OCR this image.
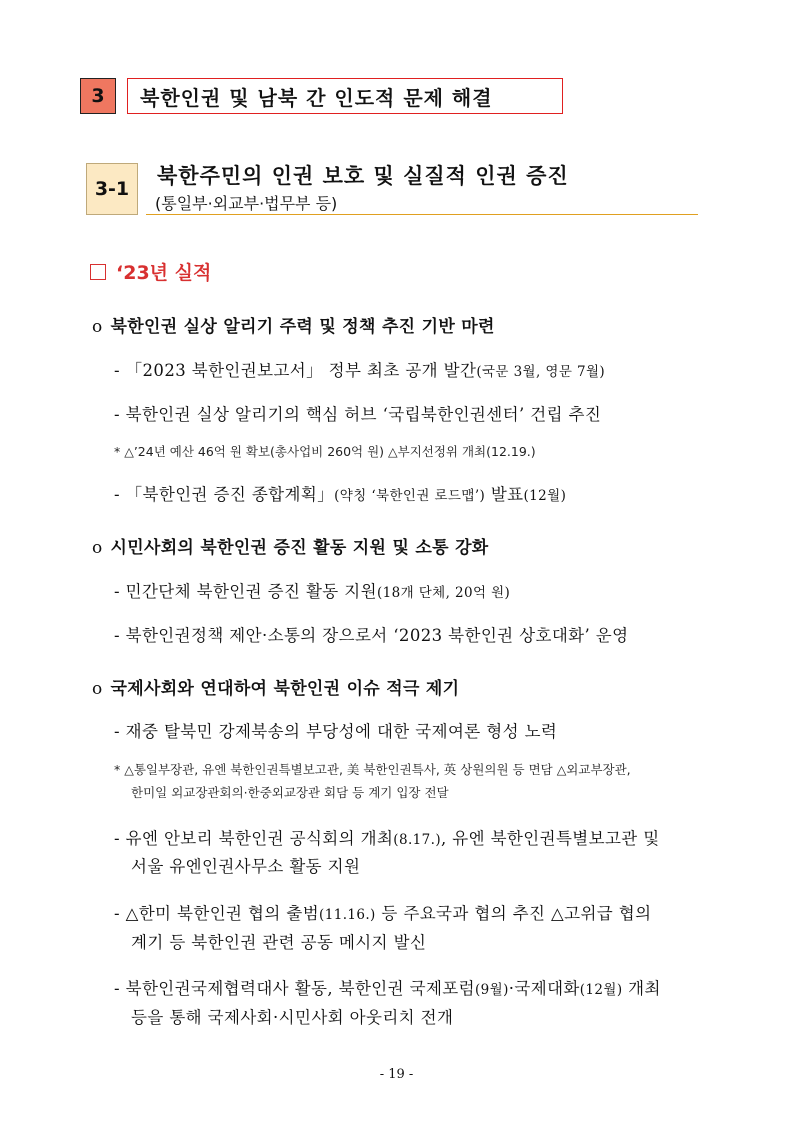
3	북한인권 및 남북 간 인도적 문제 해결
3-1
북한주민의 인권 보호 및 실질적 인권 증진
(통일부·외교부·법무부 등)
‘23년 실적
o 북한인권 실상 알리기 주력 및 정책 추진 기반 마련
- 「2023 북한인권보고서」 정부 최초 공개 발간(국문 3월, 영문 7월)
- 북한인권 실상 알리기의 핵심 허브 ‘국립북한인권센터’ 건립 추진
* △’24년 예산 46억 원 확보(총사업비 260억 원) △부지선정위 개최(12.19.)
- 「북한인권 증진 종합계획」(약칭 ‘북한인권 로드맵’) 발표(12월)
o 시민사회의 북한인권 증진 활동 지원 및 소통 강화
- 민간단체 북한인권 증진 활동 지원(18개 단체, 20억 원)
- 북한인권정책 제안·소통의 장으로서 ‘2023 북한인권 상호대화’ 운영
o 국제사회와 연대하여 북한인권 이슈 적극 제기
- 재중 탈북민 강제북송의 부당성에 대한 국제여론 형성 노력
* △통일부장관, 유엔 북한인권특별보고관, 美 북한인권특사, 英 상원의원 등 면담 △외교부장관,
한미일 외교장관회의·한중외교장관 회담 등 계기 입장 전달
- 유엔 안보리 북한인권 공식회의 개최(8.17.), 유엔 북한인권특별보고관 및
서울 유엔인권사무소 활동 지원
- △한미 북한인권 협의 출범(11.16.) 등 주요국과 협의 추진 △고위급 협의
계기 등 북한인권 관련 공동 메시지 발신
- 북한인권국제협력대사 활동, 북한인권 국제포럼(9월)·국제대화(12월) 개최
등을 통해 국제사회·시민사회 아웃리치 전개
- 19 -
